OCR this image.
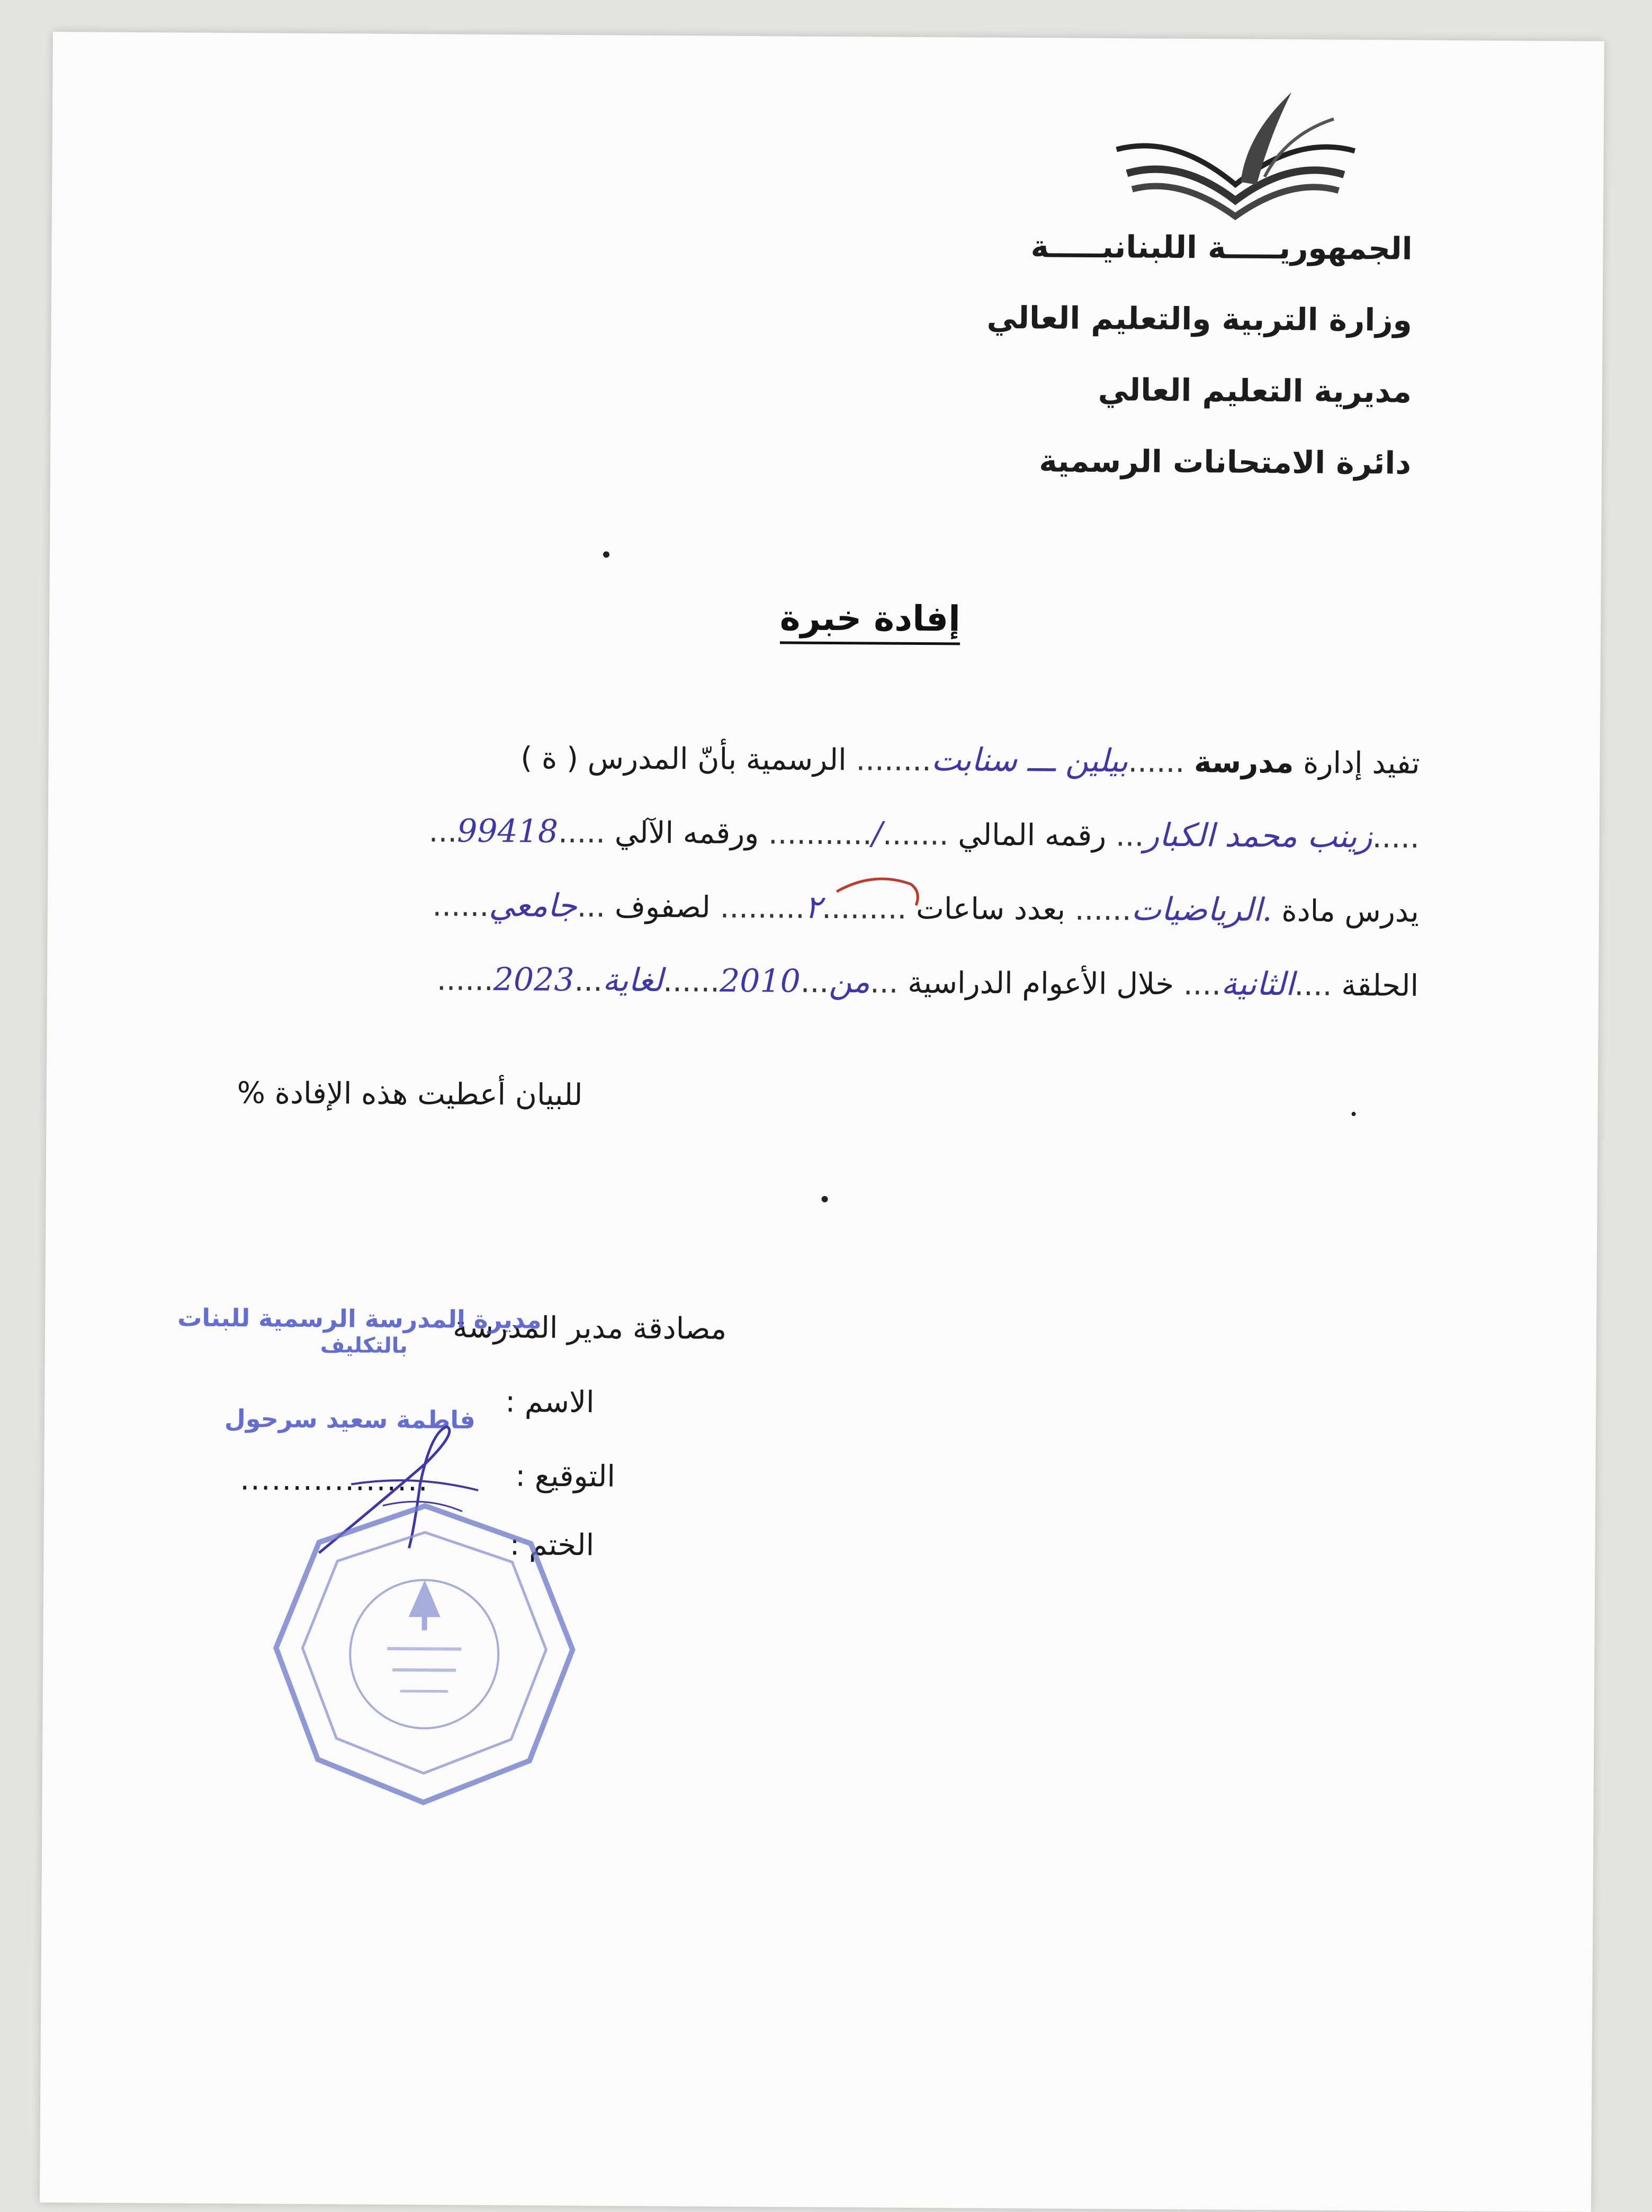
الجمهوريـــــة اللبنانيـــــة
وزارة التربية والتعليم العالي
مديرية التعليم العالي
دائرة الامتحانات الرسمية
إفادة خبرة
تفيد إدارة مدرسة ......بيلين ـــ سنابت........ الرسمية بأنّ المدرس ( ة )
.....زينب محمد الكبار... رقمه المالي ......./........... ورقمه الآلي .....99418...
يدرس مادة .الرياضيات...... بعدد ساعات .........٢......... لصفوف ...جامعي......
الحلقة ....الثانية.... خلال الأعوام الدراسية ...من...2010......لغاية...2023......
للبيان أعطيت هذه الإفادة %
مصادقة مدير المدرسة
مديرة المدرسة الرسمية للبنات
بالتكليف
الاسم :
فاطمة سعيد سرحول
التوقيع :
..................
الختم :
